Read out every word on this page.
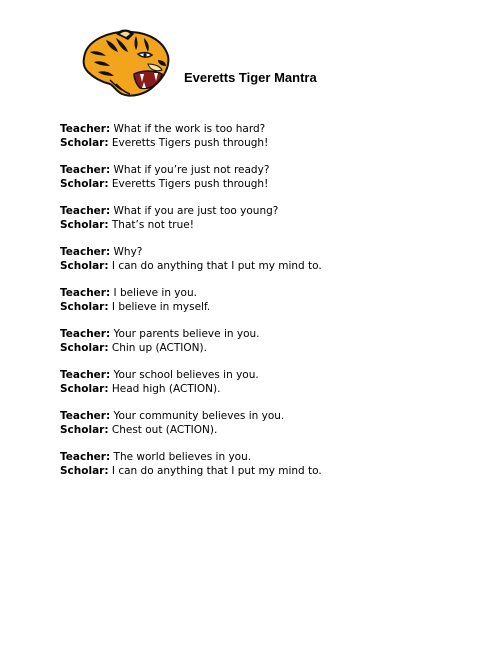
Everetts Tiger Mantra
Teacher: What if the work is too hard?
Scholar: Everetts Tigers push through!
Teacher: What if you’re just not ready?
Scholar: Everetts Tigers push through!
Teacher: What if you are just too young?
Scholar: That’s not true!
Teacher: Why?
Scholar: I can do anything that I put my mind to.
Teacher: I believe in you.
Scholar: I believe in myself.
Teacher: Your parents believe in you.
Scholar: Chin up (ACTION).
Teacher: Your school believes in you.
Scholar: Head high (ACTION).
Teacher: Your community believes in you.
Scholar: Chest out (ACTION).
Teacher: The world believes in you.
Scholar: I can do anything that I put my mind to.
